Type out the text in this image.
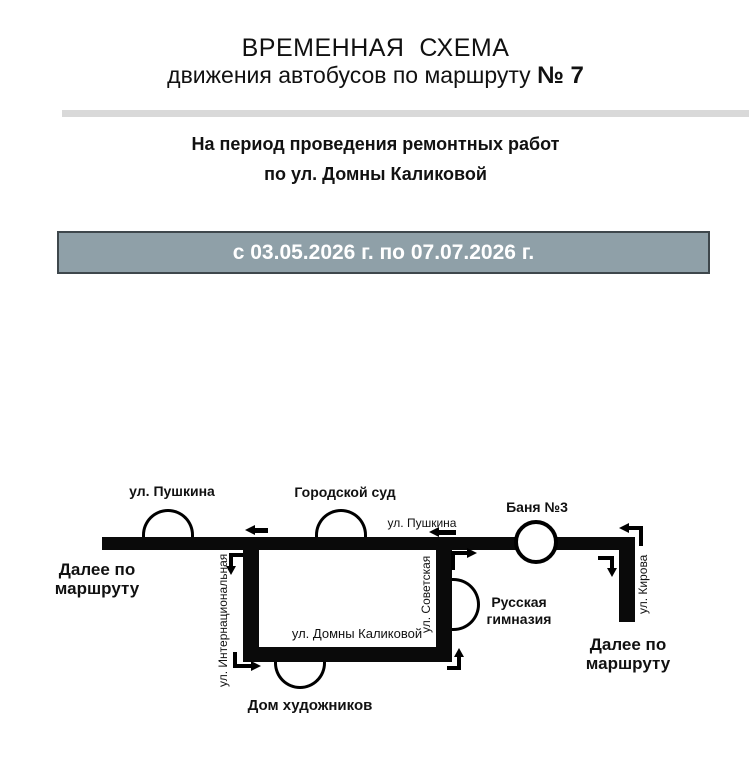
ВРЕМЕННАЯ  СХЕМА
движения автобусов по маршруту № 7
На период проведения ремонтных работ
по ул. Домны Каликовой
с 03.05.2026 г. по 07.07.2026 г.
ул. Пушкина	Городской суд
Баня №3
Русская
гимназия
Дом художников
ул. Пушкина
ул. Интернациональная	ул. Советская	ул. Кирова
ул. Домны Каликовой
Далее по
маршруту
Далее по
маршруту
